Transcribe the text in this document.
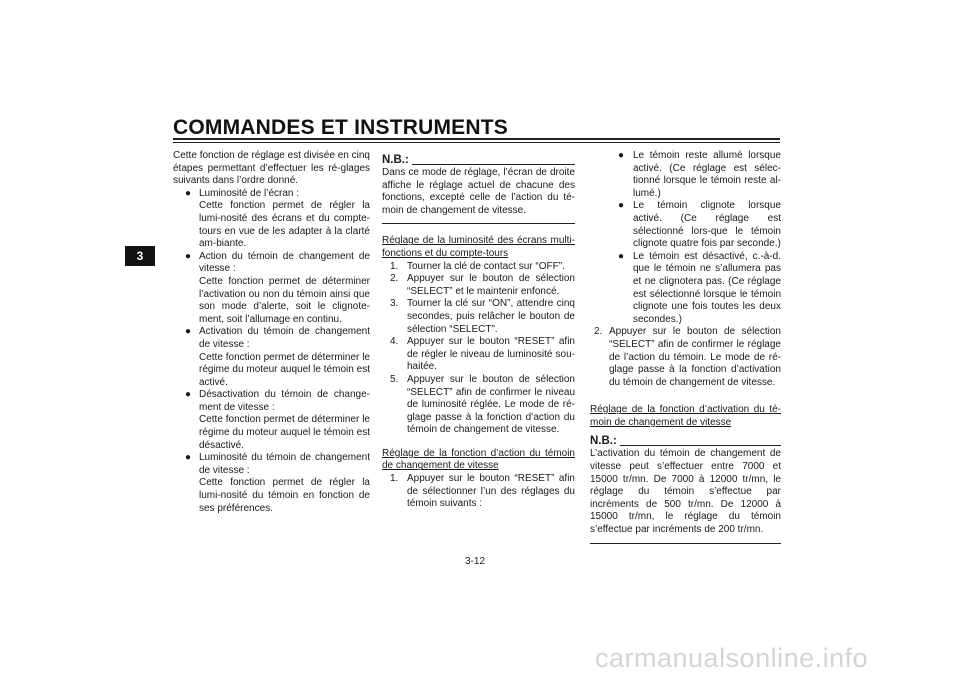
COMMANDES ET INSTRUMENTS
3

Cette fonction de réglage est divisée en cinq étapes permettant d’effectuer les ré-glages suivants dans l’ordre donné.

● Luminosité de l’écran :
Cette fonction permet de régler la lumi-nosité des écrans et du compte-tours en vue de les adapter à la clarté am-biante.
● Action du témoin de changement de vitesse :
Cette fonction permet de déterminer l’activation ou non du témoin ainsi que son mode d’alerte, soit le clignote-ment, soit l’allumage en continu.
● Activation du témoin de changement de vitesse :
Cette fonction permet de déterminer le régime du moteur auquel le témoin est activé.
● Désactivation du témoin de change-ment de vitesse :
Cette fonction permet de déterminer le régime du moteur auquel le témoin est désactivé.
● Luminosité du témoin de changement de vitesse :
Cette fonction permet de régler la lumi-nosité du témoin en fonction de ses préférences.
N.B.:

Dans ce mode de réglage, l’écran de droite affiche le réglage actuel de chacune des fonctions, excepté celle de l’action du té-moin de changement de vitesse.

Réglage de la luminosité des écrans multi-fonctions et du compte-tours

1. Tourner la clé de contact sur “OFF”.
2. Appuyer sur le bouton de sélection “SELECT” et le maintenir enfoncé.
3. Tourner la clé sur “ON”, attendre cinq secondes, puis relâcher le bouton de sélection “SELECT”.
4. Appuyer sur le bouton “RESET” afin de régler le niveau de luminosité sou-haitée.
5. Appuyer sur le bouton de sélection “SELECT” afin de confirmer le niveau de luminosité réglée. Le mode de ré-glage passe à la fonction d’action du témoin de changement de vitesse.

Réglage de la fonction d’action du témoin de changement de vitesse

1. Appuyer sur le bouton “RESET” afin de sélectionner l’un des réglages du témoin suivants :
● Le témoin reste allumé lorsque activé. (Ce réglage est sélec-tionné lorsque le témoin reste al-lumé.)
● Le témoin clignote lorsque activé. (Ce réglage est sélectionné lors-que le témoin clignote quatre fois par seconde.)
● Le témoin est désactivé, c.-à-d. que le témoin ne s’allumera pas et ne clignotera pas. (Ce réglage est sélectionné lorsque le témoin clignote une fois toutes les deux secondes.)
2. Appuyer sur le bouton de sélection “SELECT” afin de confirmer le réglage de l’action du témoin. Le mode de ré-glage passe à la fonction d’activation du témoin de changement de vitesse.

Réglage de la fonction d’activation du té-moin de changement de vitesse

N.B.:

L’activation du témoin de changement de vitesse peut s’effectuer entre 7000 et 15000 tr/mn. De 7000 à 12000 tr/mn, le réglage du témoin s’effectue par incréments de 500 tr/mn. De 12000 à 15000 tr/mn, le réglage du témoin s’effectue par incréments de 200 tr/mn.

3-12
carmanualsonline.info
